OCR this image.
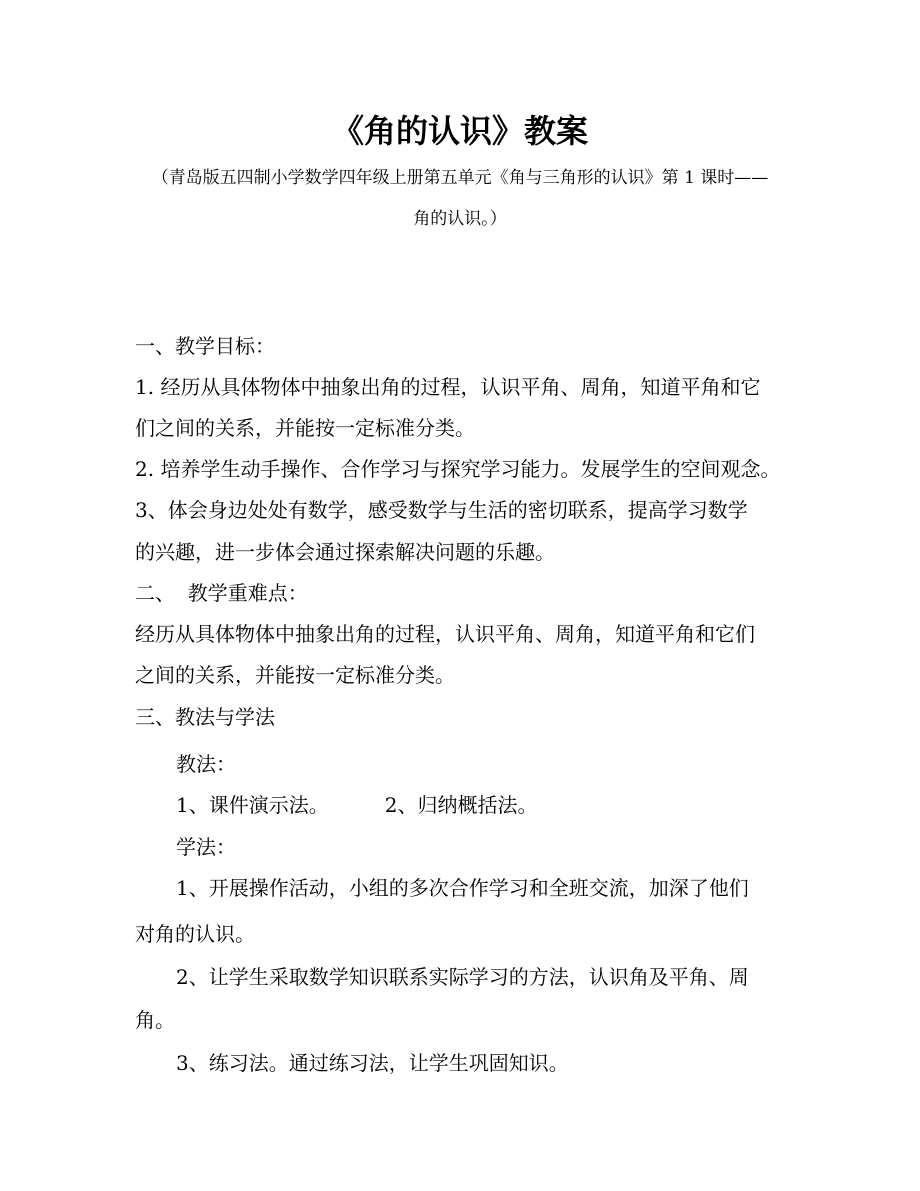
《角的认识》教案
（青岛版五四制小学数学四年级上册第五单元《角与三角形的认识》第 1 课时——
角的认识。）
一、教学目标：
1. 经历从具体物体中抽象出角的过程，认识平角、周角，知道平角和它
们之间的关系，并能按一定标准分类。
2. 培养学生动手操作、合作学习与探究学习能力。发展学生的空间观念。
3、体会身边处处有数学，感受数学与生活的密切联系，提高学习数学
的兴趣，进一步体会通过探索解决问题的乐趣。
二、  教学重难点：
经历从具体物体中抽象出角的过程，认识平角、周角，知道平角和它们
之间的关系，并能按一定标准分类。
三、教法与学法
教法：
1、课件演示法。	2、归纳概括法。
学法：
1、开展操作活动，小组的多次合作学习和全班交流，加深了他们
对角的认识。
2、让学生采取数学知识联系实际学习的方法，认识角及平角、周
角。
3、练习法。通过练习法，让学生巩固知识。
